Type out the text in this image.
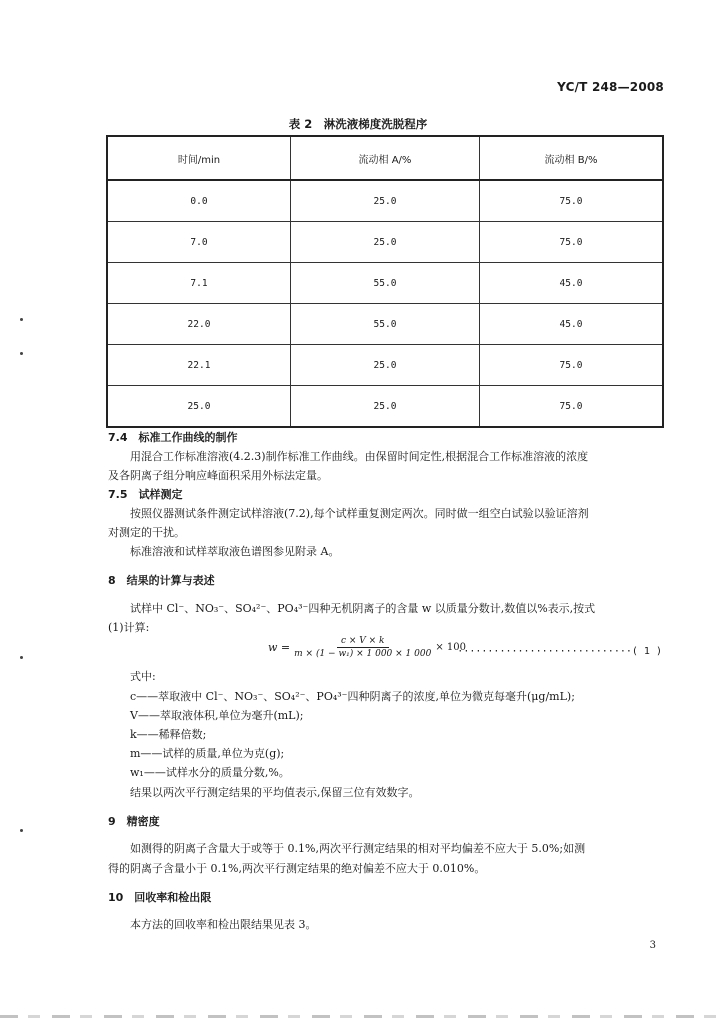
YC/T 248—2008
表 2　淋洗液梯度洗脱程序
时间/min	流动相 A/%	流动相 B/%
0.0	25.0	75.0
7.0	25.0	75.0
7.1	55.0	45.0
22.0	55.0	45.0
22.1	25.0	75.0
25.0	25.0	75.0
7.4　标准工作曲线的制作
用混合工作标准溶液(4.2.3)制作标准工作曲线。由保留时间定性,根据混合工作标准溶液的浓度
及各阴离子组分响应峰面积采用外标法定量。
7.5　试样测定
按照仪器测试条件测定试样溶液(7.2),每个试样重复测定两次。同时做一组空白试验以验证溶剂
对测定的干扰。
标准溶液和试样萃取液色谱图参见附录 A。
8　结果的计算与表述
试样中 Cl⁻、NO₃⁻、SO₄²⁻、PO₄³⁻四种无机阴离子的含量 w 以质量分数计,数值以%表示,按式
(1)计算:
$w = \frac{c \times V \times k}{\text{m × (1 − w₁) × 1 000 × 1 000}} \times 100$
·····························( 1 )
式中:
c——萃取液中 Cl⁻、NO₃⁻、SO₄²⁻、PO₄³⁻四种阴离子的浓度,单位为微克每毫升(μg/mL);
V——萃取液体积,单位为毫升(mL);
k——稀释倍数;
m——试样的质量,单位为克(g);
w₁——试样水分的质量分数,%。
结果以两次平行测定结果的平均值表示,保留三位有效数字。
9　精密度
如测得的阴离子含量大于或等于 0.1%,两次平行测定结果的相对平均偏差不应大于 5.0%;如测
得的阴离子含量小于 0.1%,两次平行测定结果的绝对偏差不应大于 0.010%。
10　回收率和检出限
本方法的回收率和检出限结果见表 3。
3
